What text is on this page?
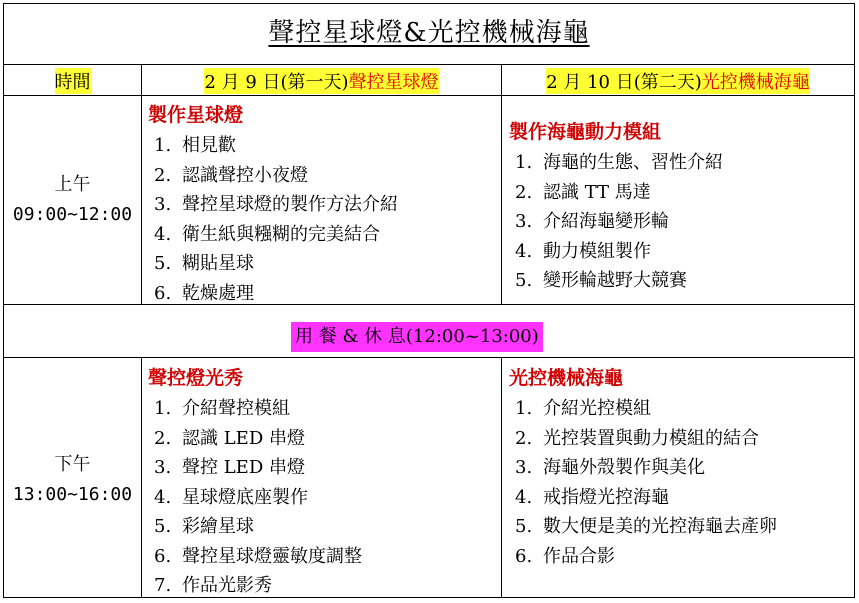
聲控星球燈&光控機械海龜
時間	2 月 9 日(第一天)聲控星球燈	2 月 10 日(第二天)光控機械海龜
上午
09:00~12:00
製作星球燈
1. 相見歡
2. 認識聲控小夜燈
3. 聲控星球燈的製作方法介紹
4. 衛生紙與糨糊的完美結合
5. 糊貼星球
6. 乾燥處理
製作海龜動力模組
1. 海龜的生態、習性介紹
2. 認識 TT 馬達
3. 介紹海龜變形輪
4. 動力模組製作
5. 變形輪越野大競賽
用 餐 & 休 息(12:00~13:00)
下午
13:00~16:00
聲控燈光秀
1. 介紹聲控模組
2. 認識 LED 串燈
3. 聲控 LED 串燈
4. 星球燈底座製作
5. 彩繪星球
6. 聲控星球燈靈敏度調整
7. 作品光影秀
光控機械海龜
1. 介紹光控模組
2. 光控裝置與動力模組的結合
3. 海龜外殼製作與美化
4. 戒指燈光控海龜
5. 數大便是美的光控海龜去產卵
6. 作品合影
